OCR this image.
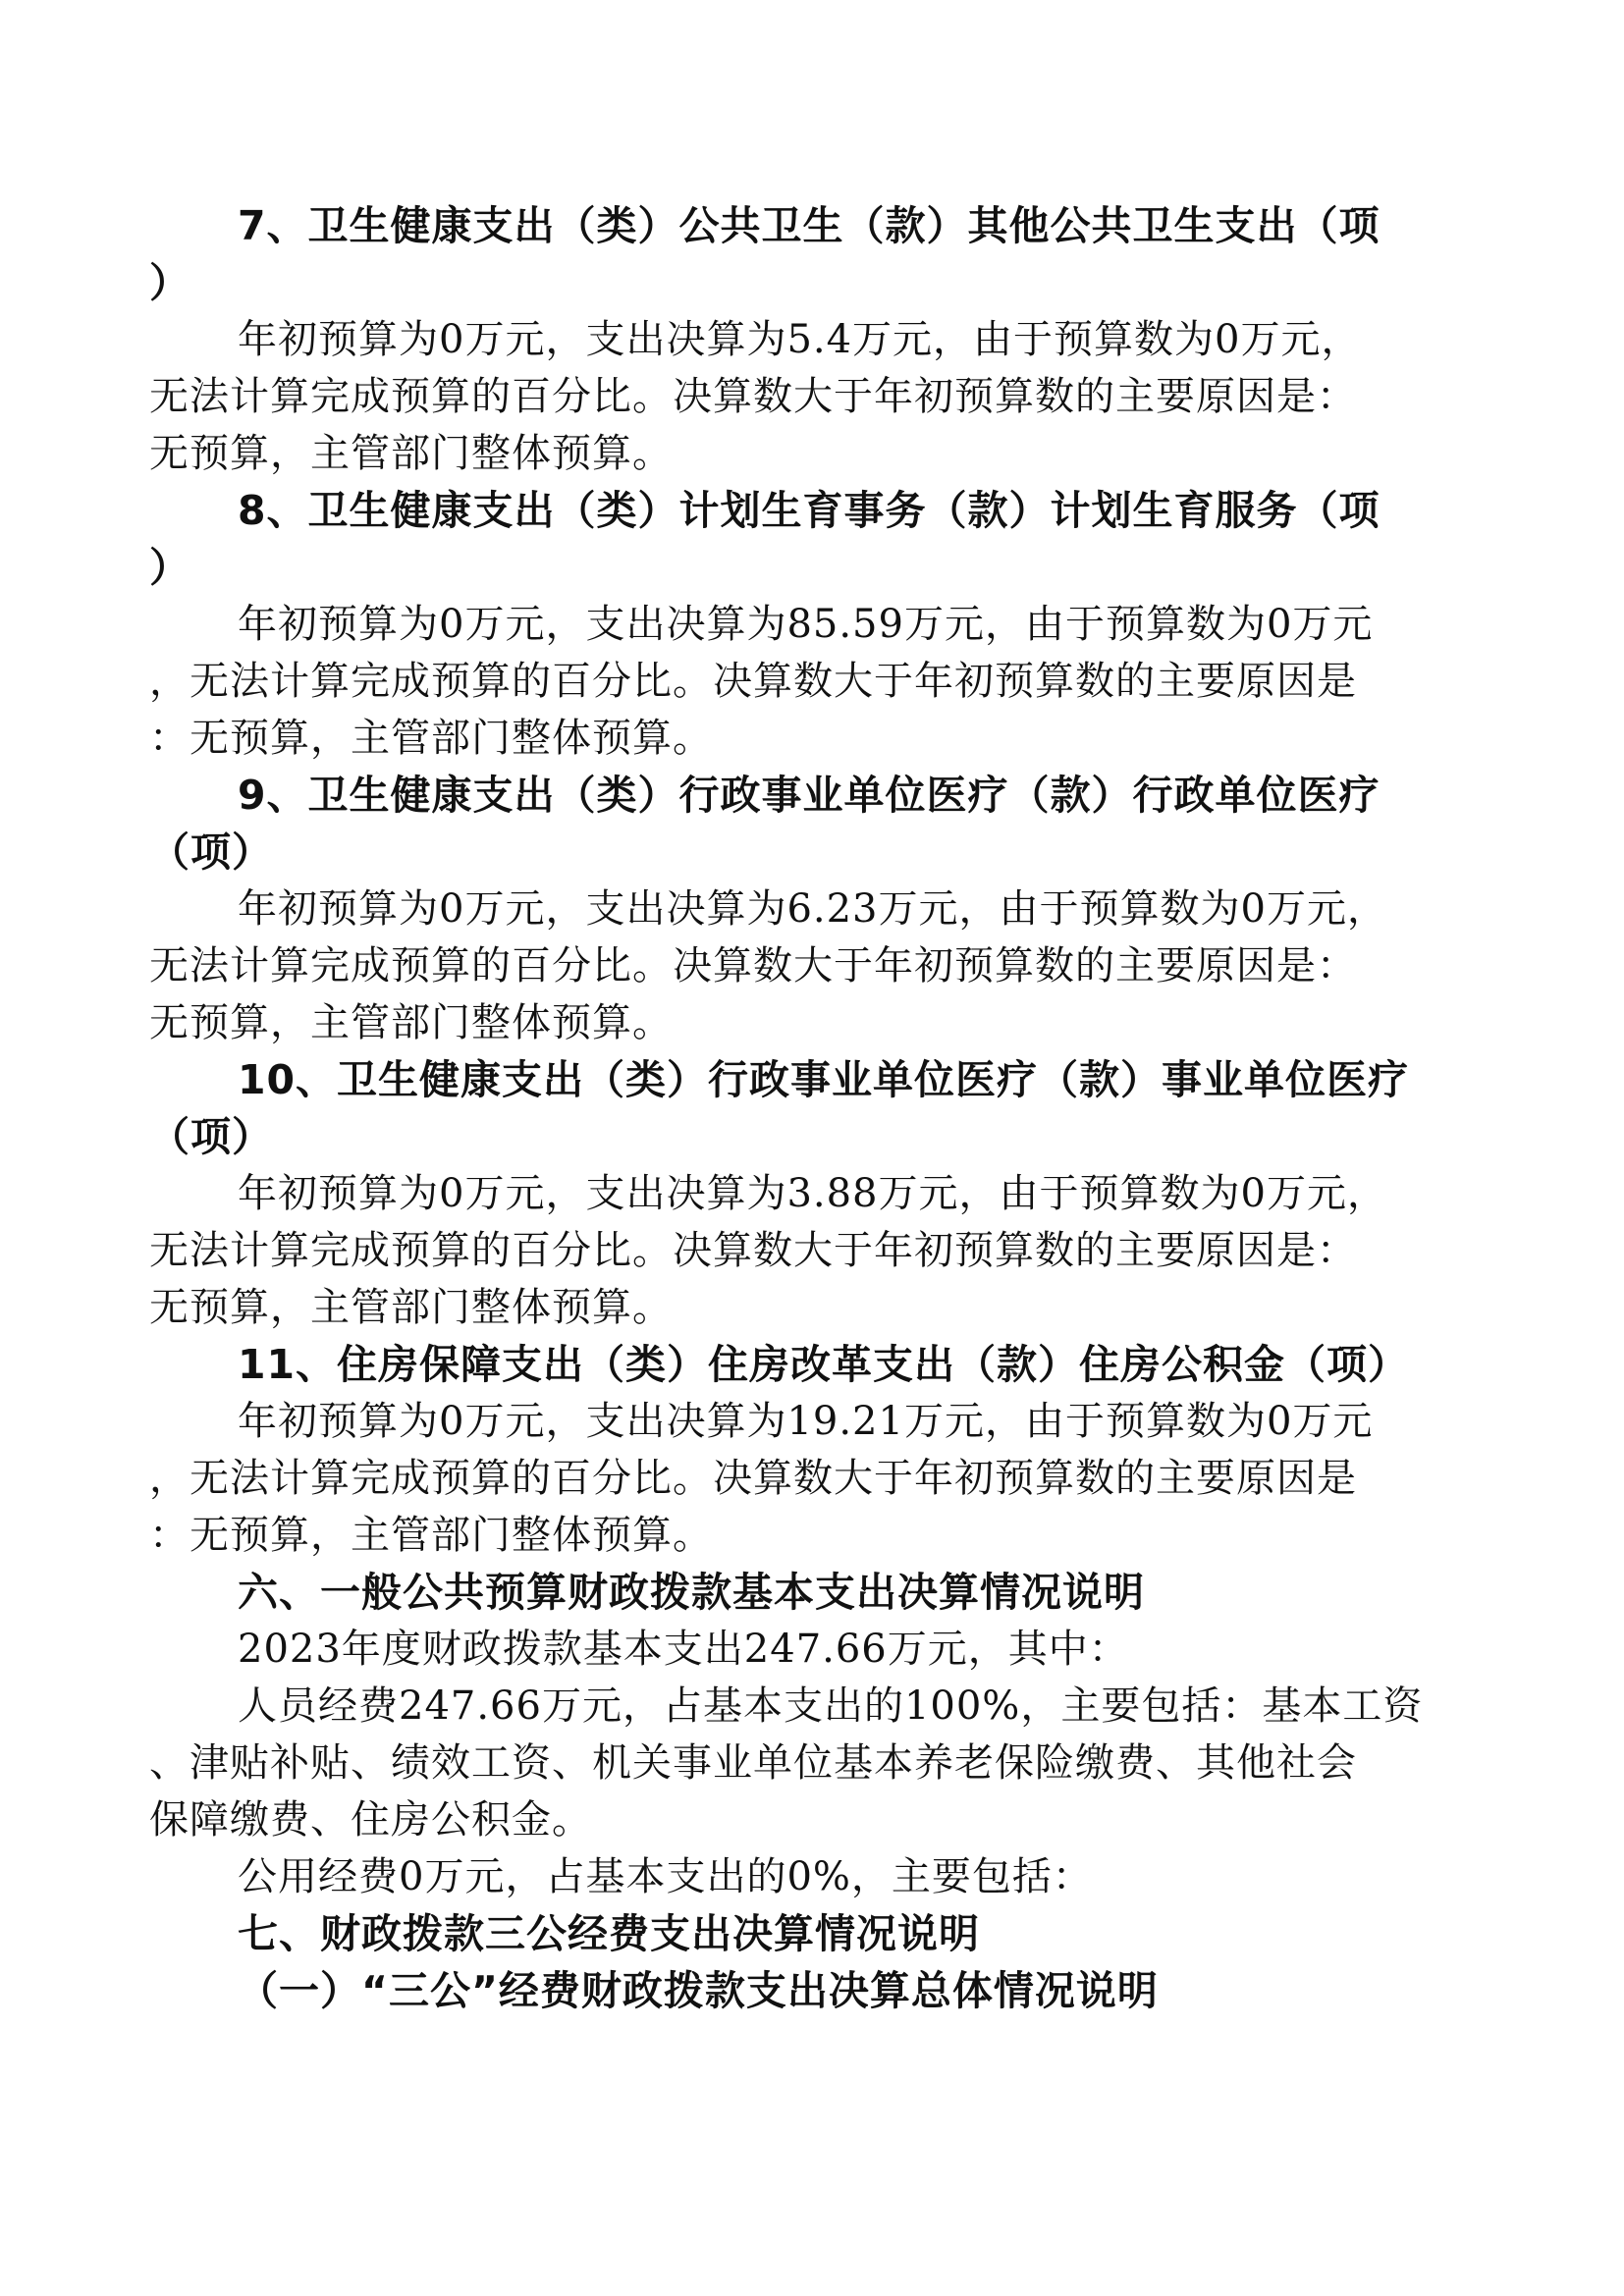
7、卫生健康支出（类）公共卫生（款）其他公共卫生支出（项
）
年初预算为0万元，支出决算为5.4万元，由于预算数为0万元，
无法计算完成预算的百分比。决算数大于年初预算数的主要原因是：
无预算，主管部门整体预算。
8、卫生健康支出（类）计划生育事务（款）计划生育服务（项
）
年初预算为0万元，支出决算为85.59万元，由于预算数为0万元
，无法计算完成预算的百分比。决算数大于年初预算数的主要原因是
：无预算，主管部门整体预算。
9、卫生健康支出（类）行政事业单位医疗（款）行政单位医疗
（项）
年初预算为0万元，支出决算为6.23万元，由于预算数为0万元，
无法计算完成预算的百分比。决算数大于年初预算数的主要原因是：
无预算，主管部门整体预算。
10、卫生健康支出（类）行政事业单位医疗（款）事业单位医疗
（项）
年初预算为0万元，支出决算为3.88万元，由于预算数为0万元，
无法计算完成预算的百分比。决算数大于年初预算数的主要原因是：
无预算，主管部门整体预算。
11、住房保障支出（类）住房改革支出（款）住房公积金（项）
年初预算为0万元，支出决算为19.21万元，由于预算数为0万元
，无法计算完成预算的百分比。决算数大于年初预算数的主要原因是
：无预算，主管部门整体预算。
六、一般公共预算财政拨款基本支出决算情况说明
2023年度财政拨款基本支出247.66万元，其中：
人员经费247.66万元，占基本支出的100%，主要包括：基本工资
、津贴补贴、绩效工资、机关事业单位基本养老保险缴费、其他社会
保障缴费、住房公积金。
公用经费0万元，占基本支出的0%，主要包括：
七、财政拨款三公经费支出决算情况说明
（一）“三公”经费财政拨款支出决算总体情况说明
